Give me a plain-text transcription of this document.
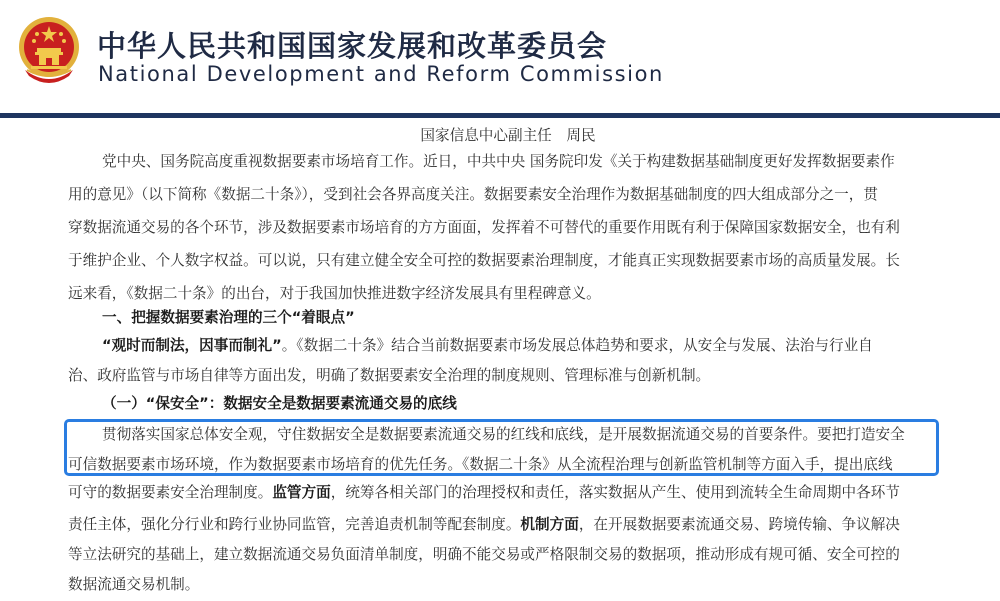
中华人民共和国国家发展和改革委员会
National Development and Reform Commission
国家信息中心副主任　周民
党中央、国务院高度重视数据要素市场培育工作。近日，中共中央 国务院印发《关于构建数据基础制度更好发挥数据要素作
用的意见》（以下简称《数据二十条》），受到社会各界高度关注。数据要素安全治理作为数据基础制度的四大组成部分之一，贯
穿数据流通交易的各个环节，涉及数据要素市场培育的方方面面，发挥着不可替代的重要作用既有利于保障国家数据安全，也有利
于维护企业、个人数字权益。可以说，只有建立健全安全可控的数据要素治理制度，才能真正实现数据要素市场的高质量发展。长
远来看，《数据二十条》的出台，对于我国加快推进数字经济发展具有里程碑意义。
一、把握数据要素治理的三个“着眼点”
“观时而制法，因事而制礼”。《数据二十条》结合当前数据要素市场发展总体趋势和要求，从安全与发展、法治与行业自
治、政府监管与市场自律等方面出发，明确了数据要素安全治理的制度规则、管理标准与创新机制。
（一）“保安全”：数据安全是数据要素流通交易的底线
贯彻落实国家总体安全观，守住数据安全是数据要素流通交易的红线和底线，是开展数据流通交易的首要条件。要把打造安全
可信数据要素市场环境，作为数据要素市场培育的优先任务。《数据二十条》从全流程治理与创新监管机制等方面入手，提出底线
可守的数据要素安全治理制度。监管方面，统筹各相关部门的治理授权和责任，落实数据从产生、使用到流转全生命周期中各环节
责任主体，强化分行业和跨行业协同监管，完善追责机制等配套制度。机制方面，在开展数据要素流通交易、跨境传输、争议解决
等立法研究的基础上，建立数据流通交易负面清单制度，明确不能交易或严格限制交易的数据项，推动形成有规可循、安全可控的
数据流通交易机制。
